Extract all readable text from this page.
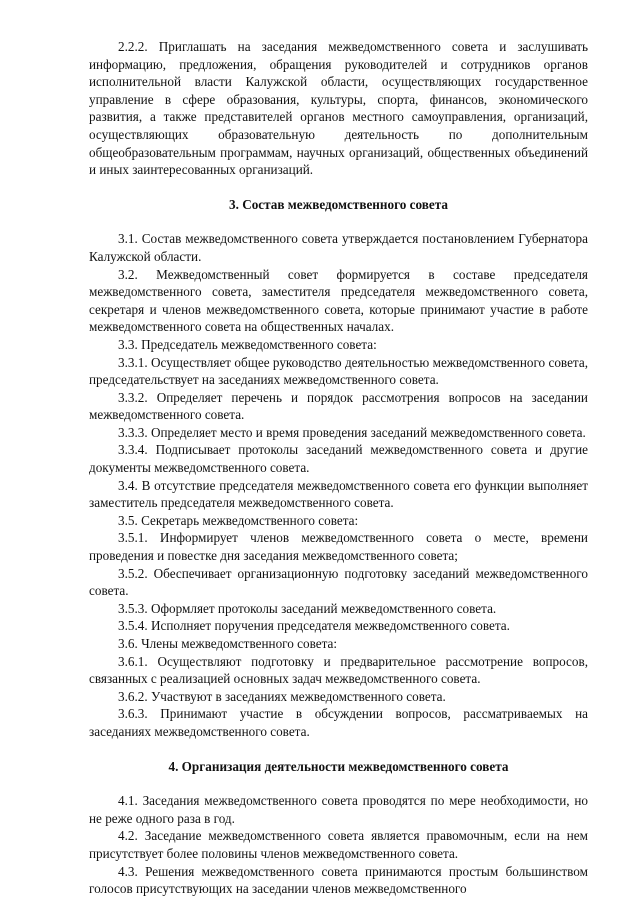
2.2.2. Приглашать на заседания межведомственного совета и заслушивать информацию, предложения, обращения руководителей и сотрудников органов исполнительной власти Калужской области, осуществляющих государственное управление в сфере образования, культуры, спорта, финансов, экономического развития, а также представителей органов местного самоуправления, организаций, осуществляющих образовательную деятельность по дополнительным общеобразовательным программам, научных организаций, общественных объединений и иных заинтересованных организаций.

3. Состав межведомственного совета

3.1. Состав межведомственного совета утверждается постановлением Губернатора Калужской области.

3.2. Межведомственный совет формируется в составе председателя межведомственного совета, заместителя председателя межведомственного совета, секретаря и членов межведомственного совета, которые принимают участие в работе межведомственного совета на общественных началах.

3.3. Председатель межведомственного совета:

3.3.1. Осуществляет общее руководство деятельностью межведомственного совета, председательствует на заседаниях межведомственного совета.

3.3.2. Определяет перечень и порядок рассмотрения вопросов на заседании межведомственного совета.

3.3.3. Определяет место и время проведения заседаний межведомственного совета.

3.3.4. Подписывает протоколы заседаний межведомственного совета и другие документы межведомственного совета.

3.4. В отсутствие председателя межведомственного совета его функции выполняет заместитель председателя межведомственного совета.

3.5. Секретарь межведомственного совета:

3.5.1. Информирует членов межведомственного совета о месте, времени проведения и повестке дня заседания межведомственного совета;

3.5.2. Обеспечивает организационную подготовку заседаний межведомственного совета.

3.5.3. Оформляет протоколы заседаний межведомственного совета.

3.5.4. Исполняет поручения председателя межведомственного совета.

3.6. Члены межведомственного совета:

3.6.1. Осуществляют подготовку и предварительное рассмотрение вопросов, связанных с реализацией основных задач межведомственного совета.

3.6.2. Участвуют в заседаниях межведомственного совета.

3.6.3. Принимают участие в обсуждении вопросов, рассматриваемых на заседаниях межведомственного совета.

4. Организация деятельности межведомственного совета

4.1. Заседания межведомственного совета проводятся по мере необходимости, но не реже одного раза в год.

4.2. Заседание межведомственного совета является правомочным, если на нем присутствует более половины членов межведомственного совета.

4.3. Решения межведомственного совета принимаются простым большинством голосов присутствующих на заседании членов межведомственного
